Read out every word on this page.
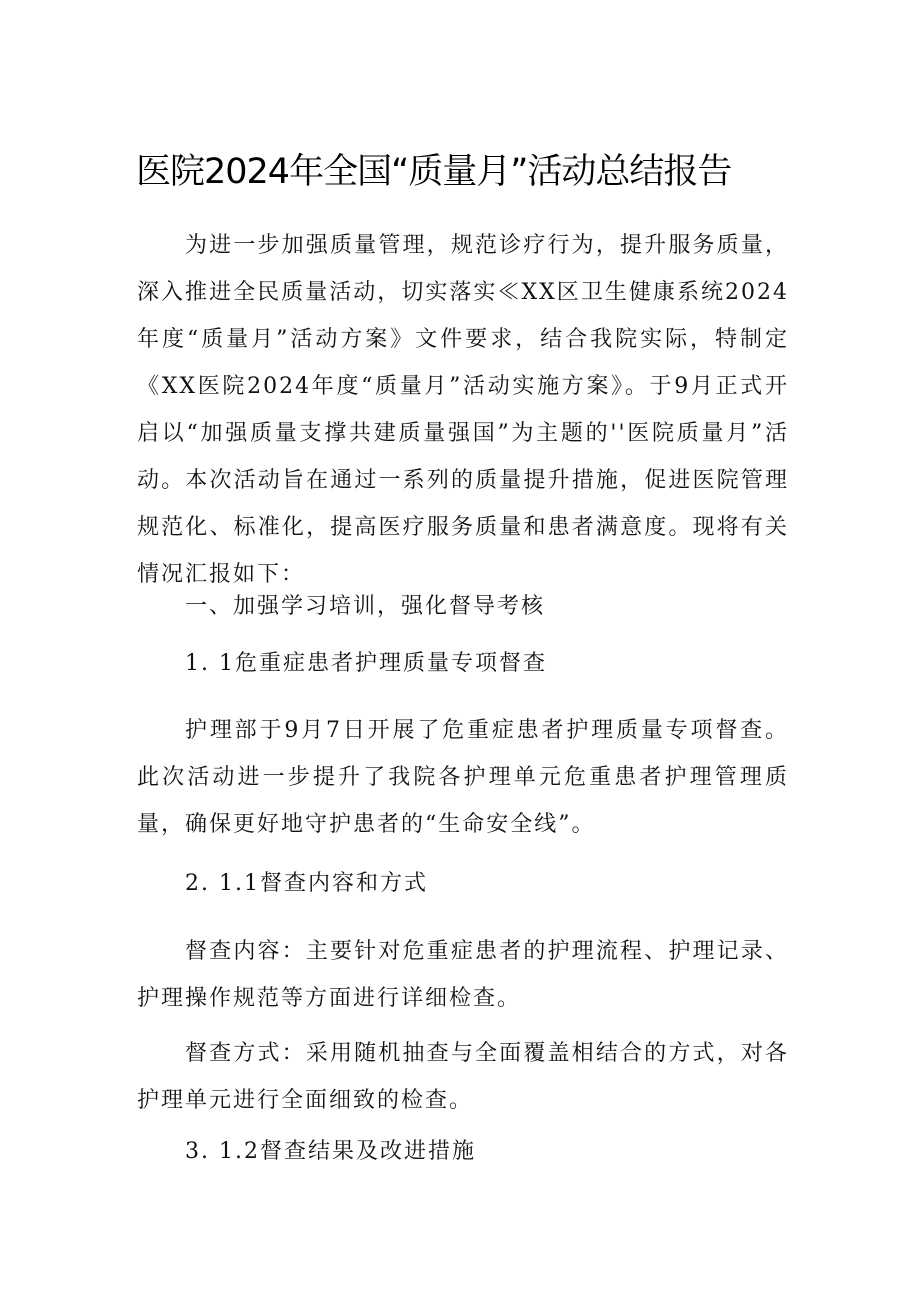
医院2024年全国“质量月”活动总结报告

为进一步加强质量管理，规范诊疗行为，提升服务质量，深入推进全民质量活动，切实落实≪XX区卫生健康系统2024年度“质量月”活动方案》文件要求，结合我院实际，特制定《XX医院2024年度“质量月”活动实施方案》。于9月正式开启以“加强质量支撑共建质量强国”为主题的''医院质量月”活动。本次活动旨在通过一系列的质量提升措施，促进医院管理规范化、标准化，提高医疗服务质量和患者满意度。现将有关情况汇报如下：

一、加强学习培训，强化督导考核

1. 1危重症患者护理质量专项督查

护理部于9月7日开展了危重症患者护理质量专项督查。此次活动进一步提升了我院各护理单元危重患者护理管理质量，确保更好地守护患者的“生命安全线”。

2. 1.1督查内容和方式

督查内容：主要针对危重症患者的护理流程、护理记录、护理操作规范等方面进行详细检查。

督查方式：采用随机抽查与全面覆盖相结合的方式，对各护理单元进行全面细致的检查。

3. 1.2督查结果及改进措施
